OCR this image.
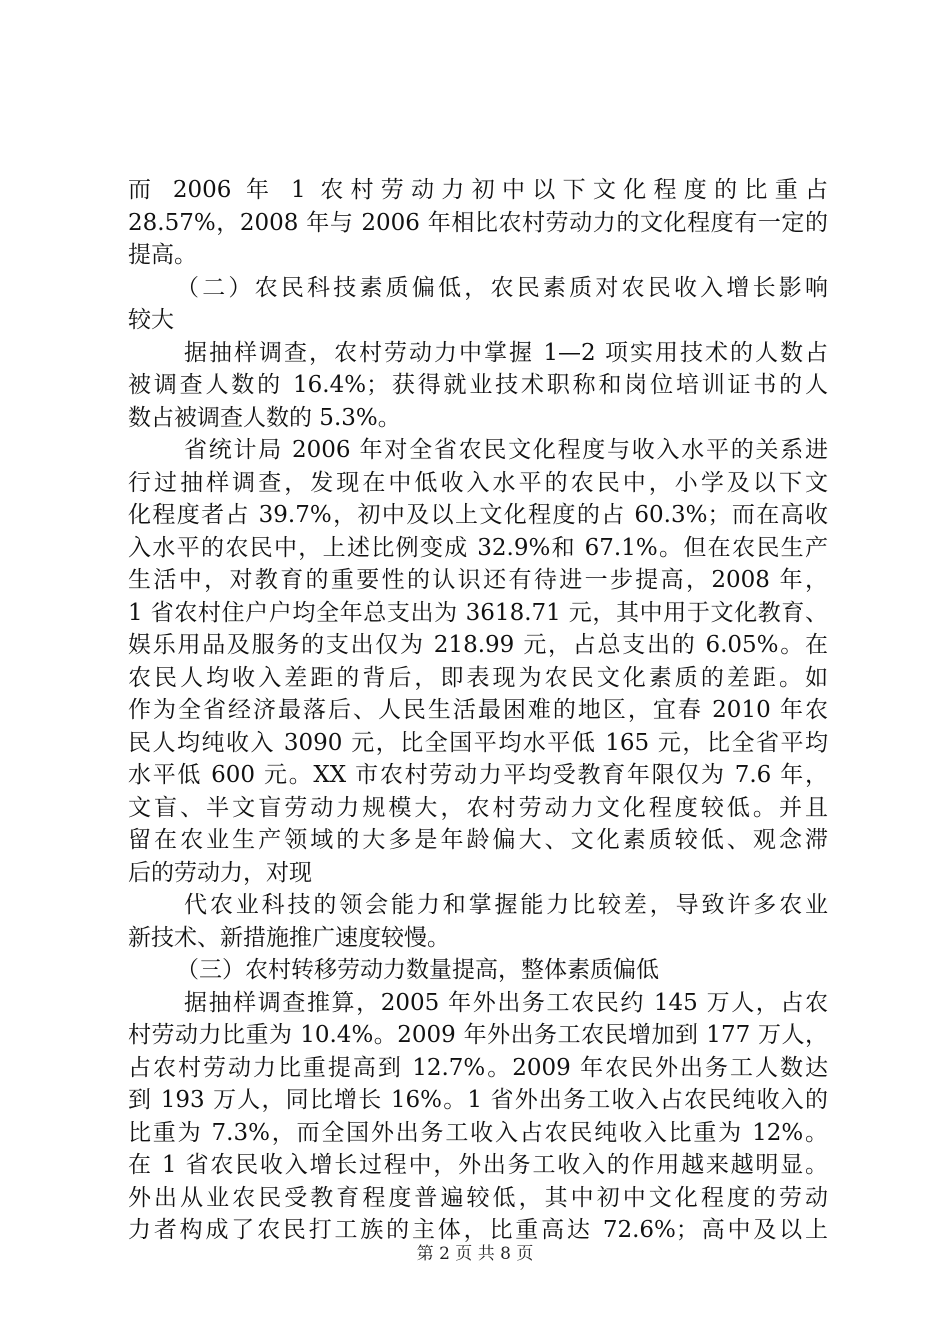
而 2006 年 1 农村劳动力初中以下文化程度的比重占
28.57%，2008 年与 2006 年相比农村劳动力的文化程度有一定的
提高。
（二）农民科技素质偏低，农民素质对农民收入增长影响
较大
据抽样调查，农村劳动力中掌握 1—2 项实用技术的人数占
被调查人数的 16.4%；获得就业技术职称和岗位培训证书的人
数占被调查人数的 5.3%。
省统计局 2006 年对全省农民文化程度与收入水平的关系进
行过抽样调查，发现在中低收入水平的农民中，小学及以下文
化程度者占 39.7%，初中及以上文化程度的占 60.3%；而在高收
入水平的农民中，上述比例变成 32.9%和 67.1%。但在农民生产
生活中，对教育的重要性的认识还有待进一步提高，2008 年，
1 省农村住户户均全年总支出为 3618.71 元，其中用于文化教育、
娱乐用品及服务的支出仅为 218.99 元，占总支出的 6.05%。在
农民人均收入差距的背后，即表现为农民文化素质的差距。如
作为全省经济最落后、人民生活最困难的地区，宜春 2010 年农
民人均纯收入 3090 元，比全国平均水平低 165 元，比全省平均
水平低 600 元。XX 市农村劳动力平均受教育年限仅为 7.6 年，
文盲、半文盲劳动力规模大，农村劳动力文化程度较低。并且
留在农业生产领域的大多是年龄偏大、文化素质较低、观念滞
后的劳动力，对现
代农业科技的领会能力和掌握能力比较差，导致许多农业
新技术、新措施推广速度较慢。
（三）农村转移劳动力数量提高，整体素质偏低
据抽样调查推算，2005 年外出务工农民约 145 万人，占农
村劳动力比重为 10.4%。2009 年外出务工农民增加到 177 万人，
占农村劳动力比重提高到 12.7%。2009 年农民外出务工人数达
到 193 万人，同比增长 16%。1 省外出务工收入占农民纯收入的
比重为 7.3%，而全国外出务工收入占农民纯收入比重为 12%。
在 1 省农民收入增长过程中，外出务工收入的作用越来越明显。
外出从业农民受教育程度普遍较低，其中初中文化程度的劳动
力者构成了农民打工族的主体，比重高达 72.6%；高中及以上
第 2 页 共 8 页
